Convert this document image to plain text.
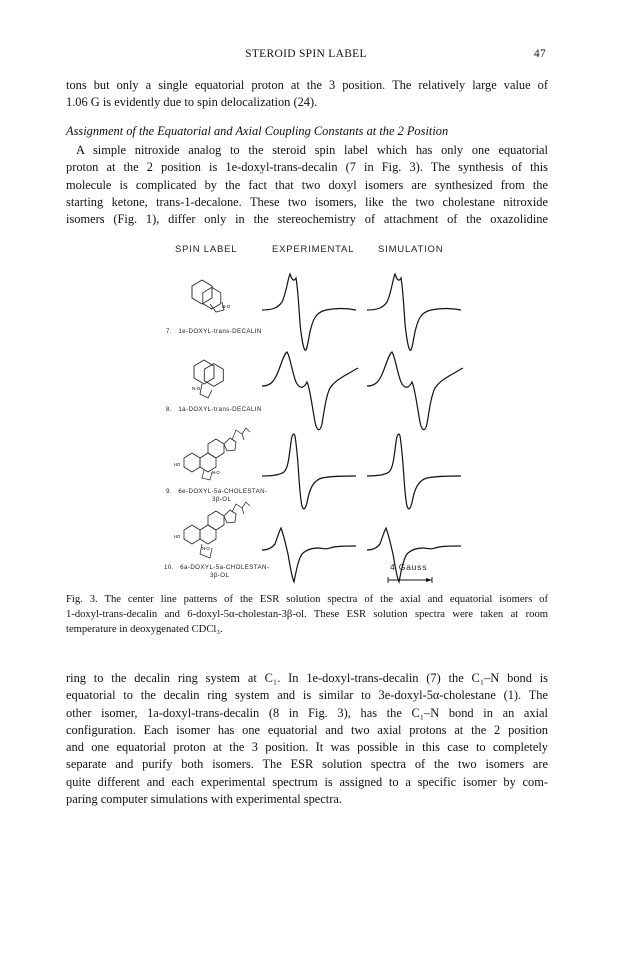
STEROID SPIN LABEL	47

tons but only a single equatorial proton at the 3 position. The relatively large value of
1.06 G is evidently due to spin delocalization (24).

Assignment of the Equatorial and Axial Coupling Constants at the 2 Position

A simple nitroxide analog to the steroid spin label which has only one equatorial
proton at the 2 position is 1e-doxyl-trans-decalin (7 in Fig. 3). The synthesis of this
molecule is complicated by the fact that two doxyl isomers are synthesized from the
starting ketone, trans-1-decalone. These two isomers, like the two cholestane nitroxide
isomers (Fig. 1), differ only in the stereochemistry of attachment of the oxazolidine

SPIN LABEL	EXPERIMENTAL SIMULATION
N-O
7. 1e-DOXYL-trans-DECALIN
N-O
8. 1a-DOXYL-trans-DECALIN
N-O
HO
9. 6e-DOXYL-5a-CHOLESTAN-
3β-OL
N-O
HO
10. 6a-DOXYL-5a-CHOLESTAN-
3β-OL
4 Gauss

Fig. 3. The center line patterns of the ESR solution spectra of the axial and equatorial isomers of
1-doxyl-trans-decalin and 6-doxyl-5α-cholestan-3β-ol. These ESR solution spectra were taken at room
temperature in deoxygenated CDCl₃.

ring to the decalin ring system at C₁. In 1e-doxyl-trans-decalin (7) the C₁–N bond is
equatorial to the decalin ring system and is similar to 3e-doxyl-5α-cholestane (1). The
other isomer, 1a-doxyl-trans-decalin (8 in Fig. 3), has the C₁–N bond in an axial
configuration. Each isomer has one equatorial and two axial protons at the 2 position
and one equatorial proton at the 3 position. It was possible in this case to completely
separate and purify both isomers. The ESR solution spectra of the two isomers are
quite different and each experimental spectrum is assigned to a specific isomer by com-
paring computer simulations with experimental spectra.
